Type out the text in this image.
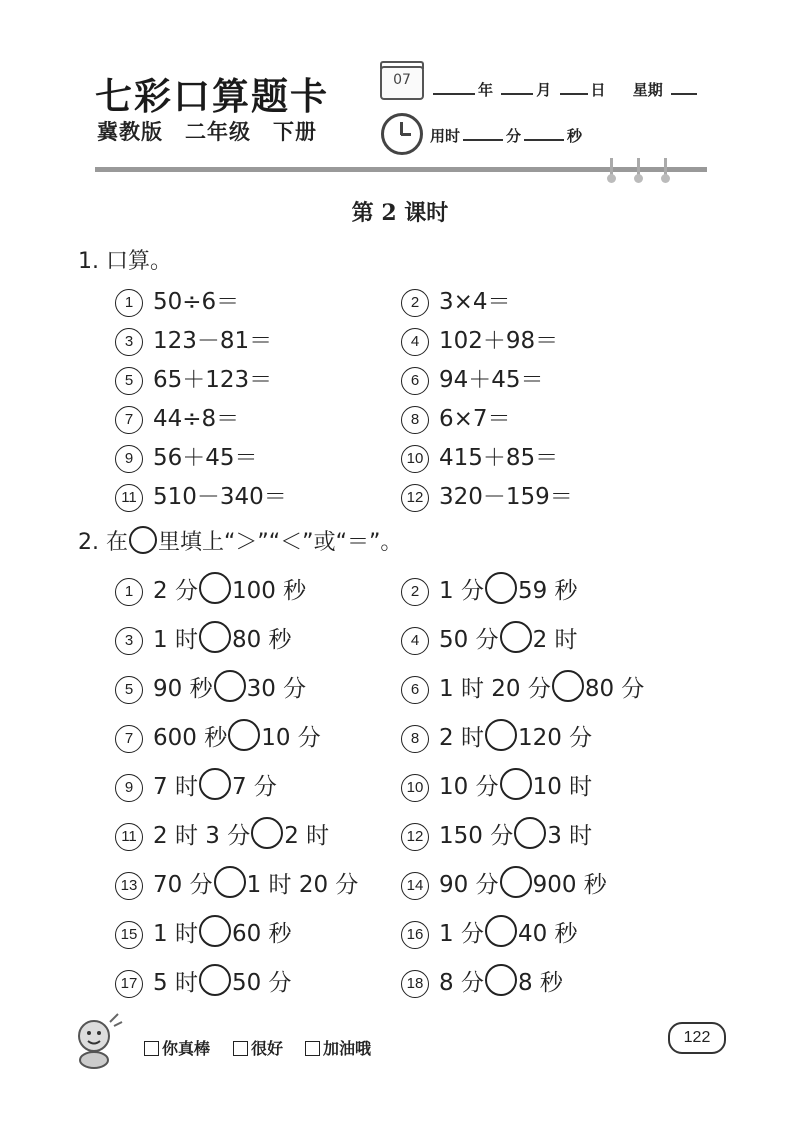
七彩口算题卡
冀教版　二年级　下册
07
年	月	日 星期
用时	分	秒
第 2 课时
1. 口算。
1 50÷6＝	2 3×4＝
3 123－81＝	4 102＋98＝
5 65＋123＝	6 94＋45＝
7 44÷8＝	8 6×7＝
9 56＋45＝	10 415＋85＝
11 510－340＝	12 320－159＝
2. 在 里填上“＞”“＜”或“＝”。
1 2 分 100 秒	2 1 分 59 秒
3 1 时 80 秒	4 50 分 2 时
5 90 秒 30 分	6 1 时 20 分 80 分
7 600 秒 10 分	8 2 时 120 分
9 7 时 7 分	10 10 分 10 时
11 2 时 3 分 2 时	12 150 分 3 时
13 70 分 1 时 20 分	14 90 分 900 秒
15 1 时 60 秒	16 1 分 40 秒
17 5 时 50 分	18 8 分 8 秒
你真棒	很好	加油哦
122
